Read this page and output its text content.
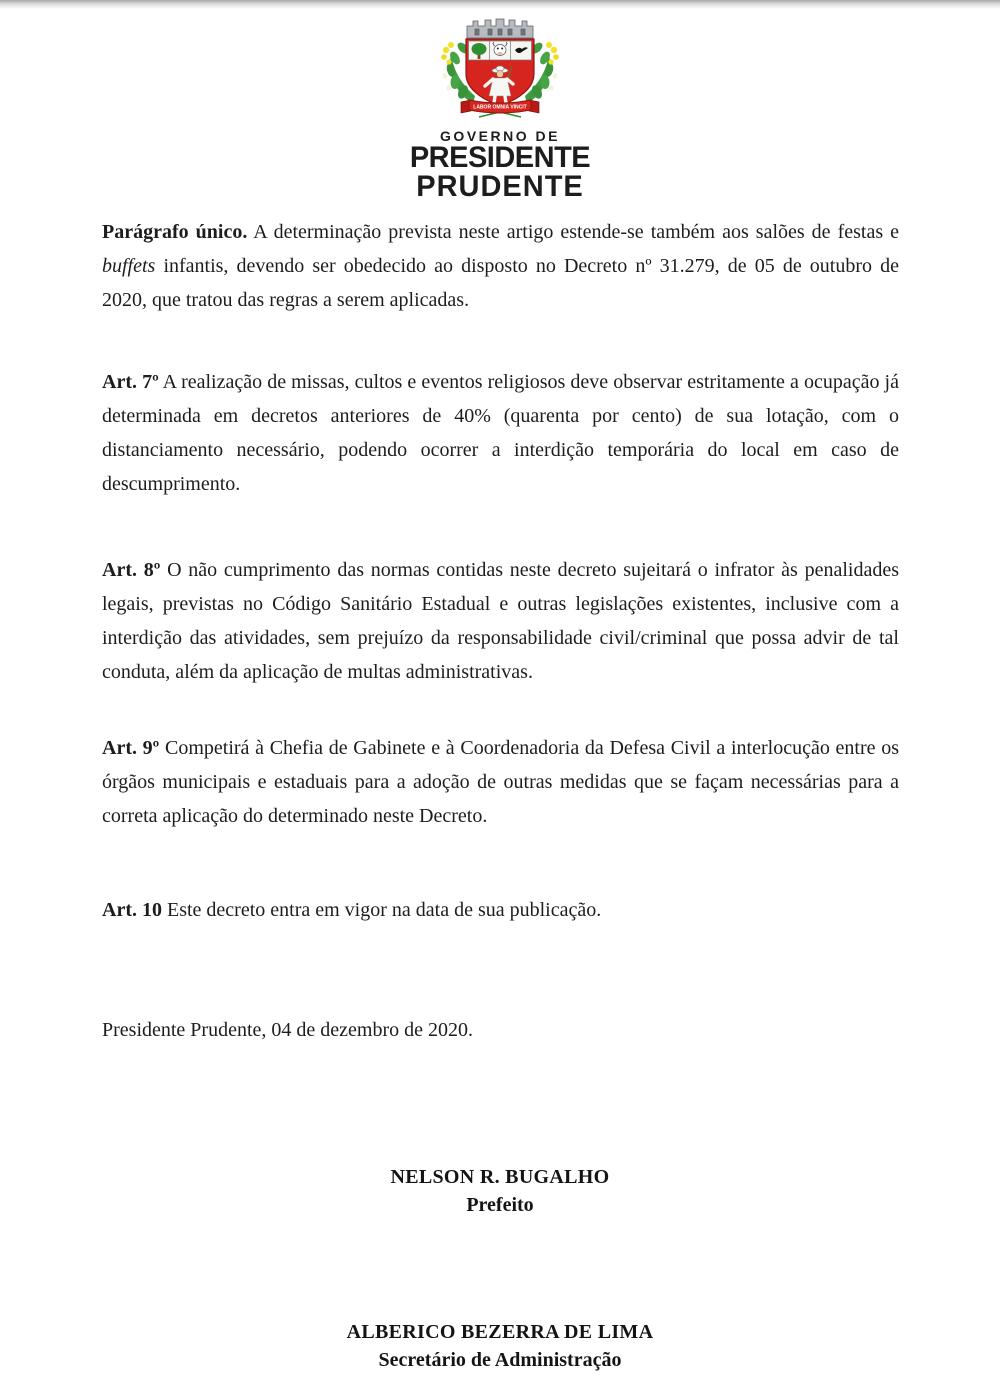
LABOR OMNIA VINCIT
GOVERNO DE
PRESIDENTE
PRUDENTE

Parágrafo único. A determinação prevista neste artigo estende-se também aos salões de festas e buffets infantis, devendo ser obedecido ao disposto no Decreto nº 31.279, de 05 de outubro de 2020, que tratou das regras a serem aplicadas.

Art. 7º A realização de missas, cultos e eventos religiosos deve observar estritamente a ocupação já determinada em decretos anteriores de 40% (quarenta por cento) de sua lotação, com o distanciamento necessário, podendo ocorrer a interdição temporária do local em caso de descumprimento.

Art. 8º O não cumprimento das normas contidas neste decreto sujeitará o infrator às penalidades legais, previstas no Código Sanitário Estadual e outras legislações existentes, inclusive com a interdição das atividades, sem prejuízo da responsabilidade civil/criminal que possa advir de tal conduta, além da aplicação de multas administrativas.

Art. 9º Competirá à Chefia de Gabinete e à Coordenadoria da Defesa Civil a interlocução entre os órgãos municipais e estaduais para a adoção de outras medidas que se façam necessárias para a correta aplicação do determinado neste Decreto.

Art. 10 Este decreto entra em vigor na data de sua publicação.

Presidente Prudente, 04 de dezembro de 2020.
NELSON R. BUGALHO
Prefeito
ALBERICO BEZERRA DE LIMA
Secretário de Administração
